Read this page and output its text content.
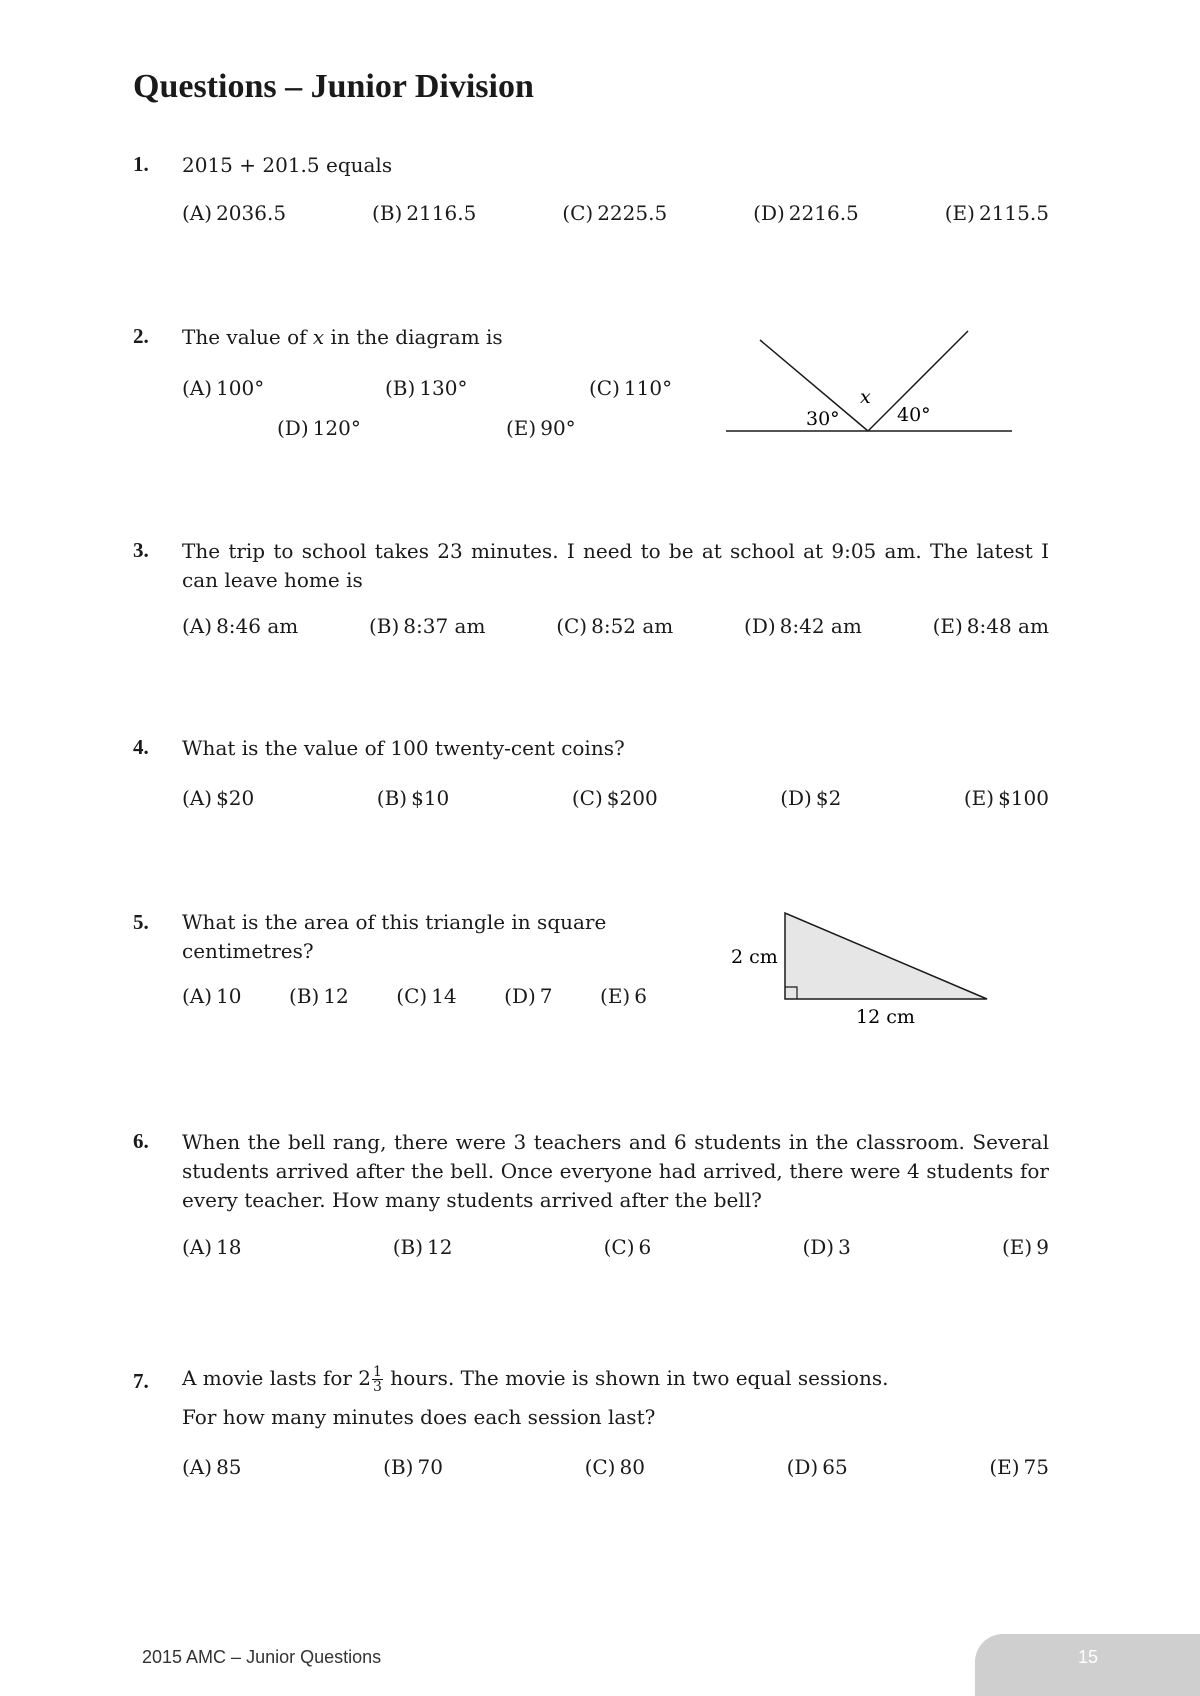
Questions – Junior Division
1. 2015 + 201.5 equals
(A) 2036.5	(B) 2116.5	(C) 2225.5	(D) 2216.5	(E) 2115.5
2. The value of x in the diagram is
(A) 100°	(B) 130°	(C) 110°
(D) 120°	(E) 90°	30°
x
40°
3. The trip to school takes 23 minutes. I need to be at school at 9:05 am. The latest I can leave home is
(A) 8:46 am	(B) 8:37 am	(C) 8:52 am	(D) 8:42 am	(E) 8:48 am
4. What is the value of 100 twenty-cent coins?
(A) $20	(B) $10	(C) $200	(D) $2	(E) $100
5. What is the area of this triangle in square centimetres?
(A) 10 (B) 12 (C) 14 (D) 7 (E) 6
2 cm
12 cm
6. When the bell rang, there were 3 teachers and 6 students in the classroom. Several students arrived after the bell. Once everyone had arrived, there were 4 students for every teacher. How many students arrived after the bell?
(A) 18	(B) 12	(C) 6	(D) 3	(E) 9
7. A movie lasts for $2 \frac{1}{3}$ hours. The movie is shown in two equal sessions.
For how many minutes does each session last?
(A) 85	(B) 70	(C) 80	(D) 65	(E) 75
2015 AMC – Junior Questions	15
